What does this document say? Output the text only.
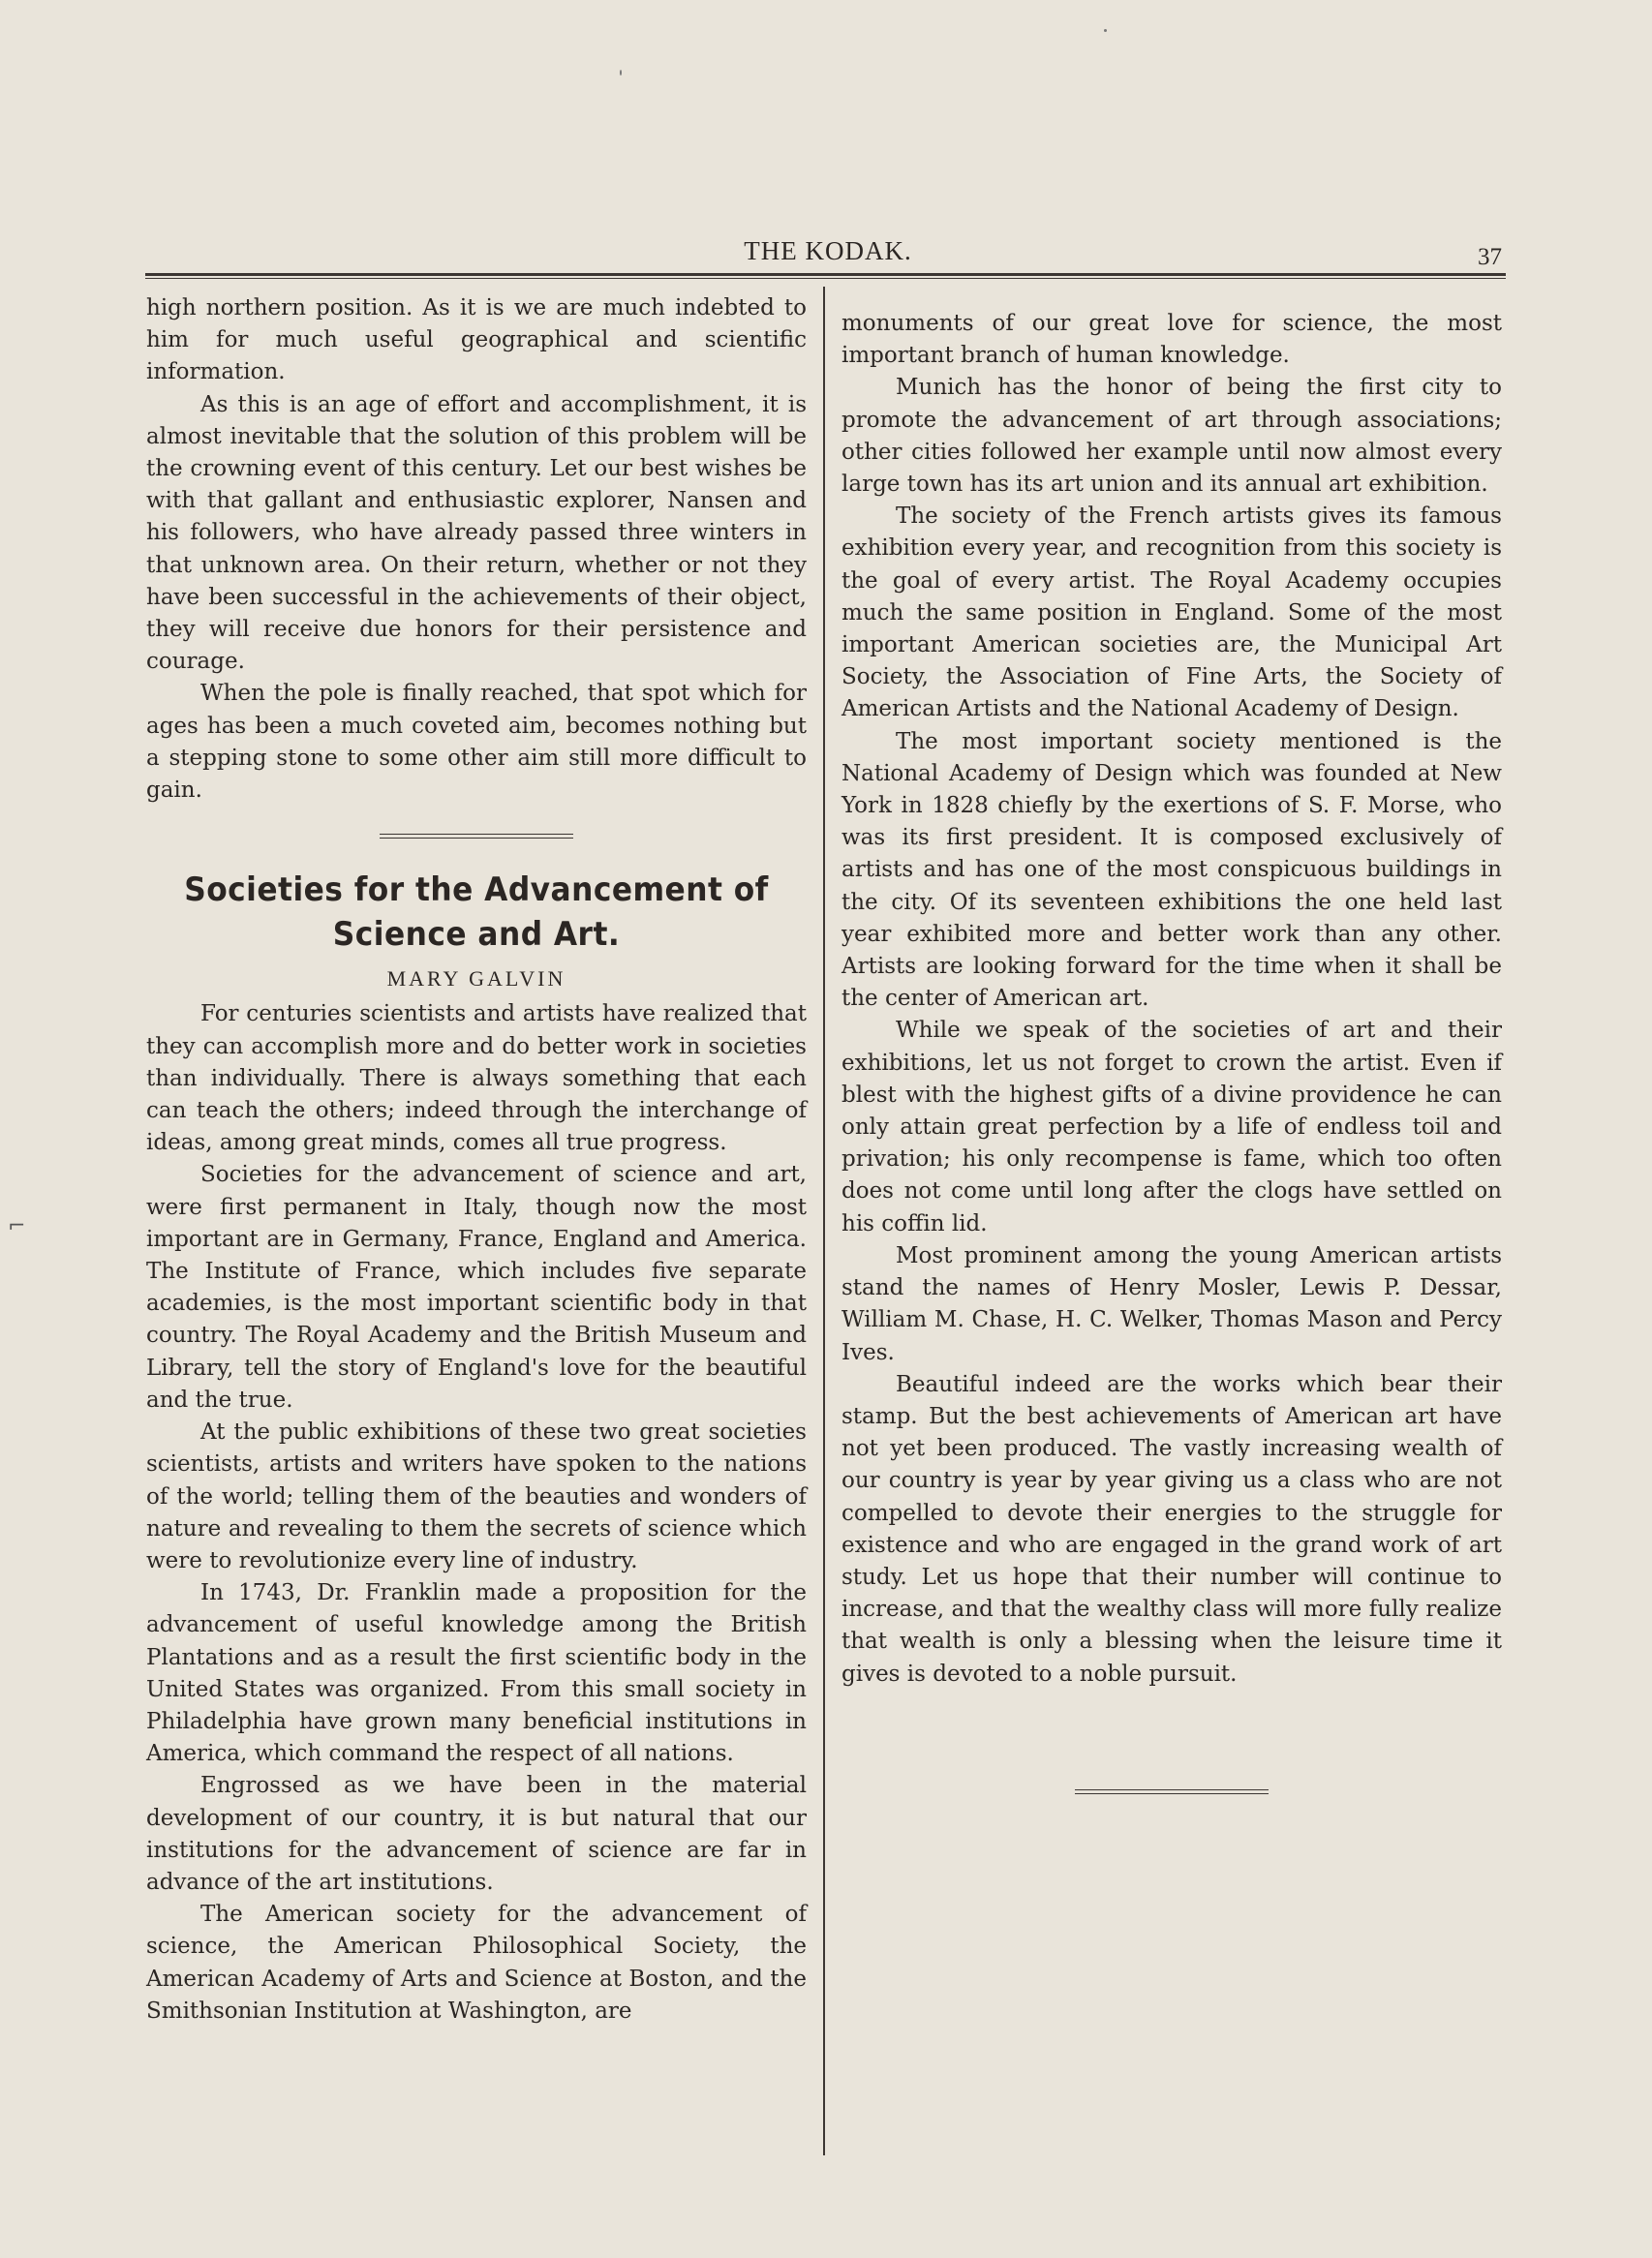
⌐
THE KODAK.	37

high northern position. As it is we are much indebted to him for much useful geographical and scientific information.

As this is an age of effort and accomplishment, it is almost inevitable that the solution of this problem will be the crowning event of this century. Let our best wishes be with that gallant and enthusiastic explorer, Nansen and his followers, who have already passed three winters in that unknown area. On their return, whether or not they have been successful in the achievements of their object, they will receive due honors for their persistence and courage.

When the pole is finally reached, that spot which for ages has been a much coveted aim, becomes nothing but a stepping stone to some other aim still more difficult to gain.

Societies for the Advancement of
Science and Art.
MARY GALVIN

For centuries scientists and artists have realized that they can accomplish more and do better work in societies than individually. There is always something that each can teach the others; indeed through the interchange of ideas, among great minds, comes all true progress.

Societies for the advancement of science and art, were first permanent in Italy, though now the most important are in Germany, France, England and America. The Institute of France, which includes five separate academies, is the most important scientific body in that country. The Royal Academy and the British Museum and Library, tell the story of England's love for the beautiful and the true.

At the public exhibitions of these two great societies scientists, artists and writers have spoken to the nations of the world; telling them of the beauties and wonders of nature and revealing to them the secrets of science which were to revolutionize every line of industry.

In 1743, Dr. Franklin made a proposition for the advancement of useful knowledge among the British Plantations and as a result the first scientific body in the United States was organized. From this small society in Philadelphia have grown many beneficial institutions in America, which command the respect of all nations.

Engrossed as we have been in the material development of our country, it is but natural that our institutions for the advancement of science are far in advance of the art institutions.

The American society for the advancement of science, the American Philosophical Society, the American Academy of Arts and Science at Boston, and the Smithsonian Institution at Washington, are

monuments of our great love for science, the most important branch of human knowledge.

Munich has the honor of being the first city to promote the advancement of art through associations; other cities followed her example until now almost every large town has its art union and its annual art exhibition.

The society of the French artists gives its famous exhibition every year, and recognition from this society is the goal of every artist. The Royal Academy occupies much the same position in England. Some of the most important American societies are, the Municipal Art Society, the Association of Fine Arts, the Society of American Artists and the National Academy of Design.

The most important society mentioned is the National Academy of Design which was founded at New York in 1828 chiefly by the exertions of S. F. Morse, who was its first president. It is composed exclusively of artists and has one of the most conspicuous buildings in the city. Of its seventeen exhibitions the one held last year exhibited more and better work than any other. Artists are looking forward for the time when it shall be the center of American art.

While we speak of the societies of art and their exhibitions, let us not forget to crown the artist. Even if blest with the highest gifts of a divine providence he can only attain great perfection by a life of endless toil and privation; his only recompense is fame, which too often does not come until long after the clogs have settled on his coffin lid.

Most prominent among the young American artists stand the names of Henry Mosler, Lewis P. Dessar, William M. Chase, H. C. Welker, Thomas Mason and Percy Ives.

Beautiful indeed are the works which bear their stamp. But the best achievements of American art have not yet been produced. The vastly increasing wealth of our country is year by year giving us a class who are not compelled to devote their energies to the struggle for existence and who are engaged in the grand work of art study. Let us hope that their number will continue to increase, and that the wealthy class will more fully realize that wealth is only a blessing when the leisure time it gives is devoted to a noble pursuit.
